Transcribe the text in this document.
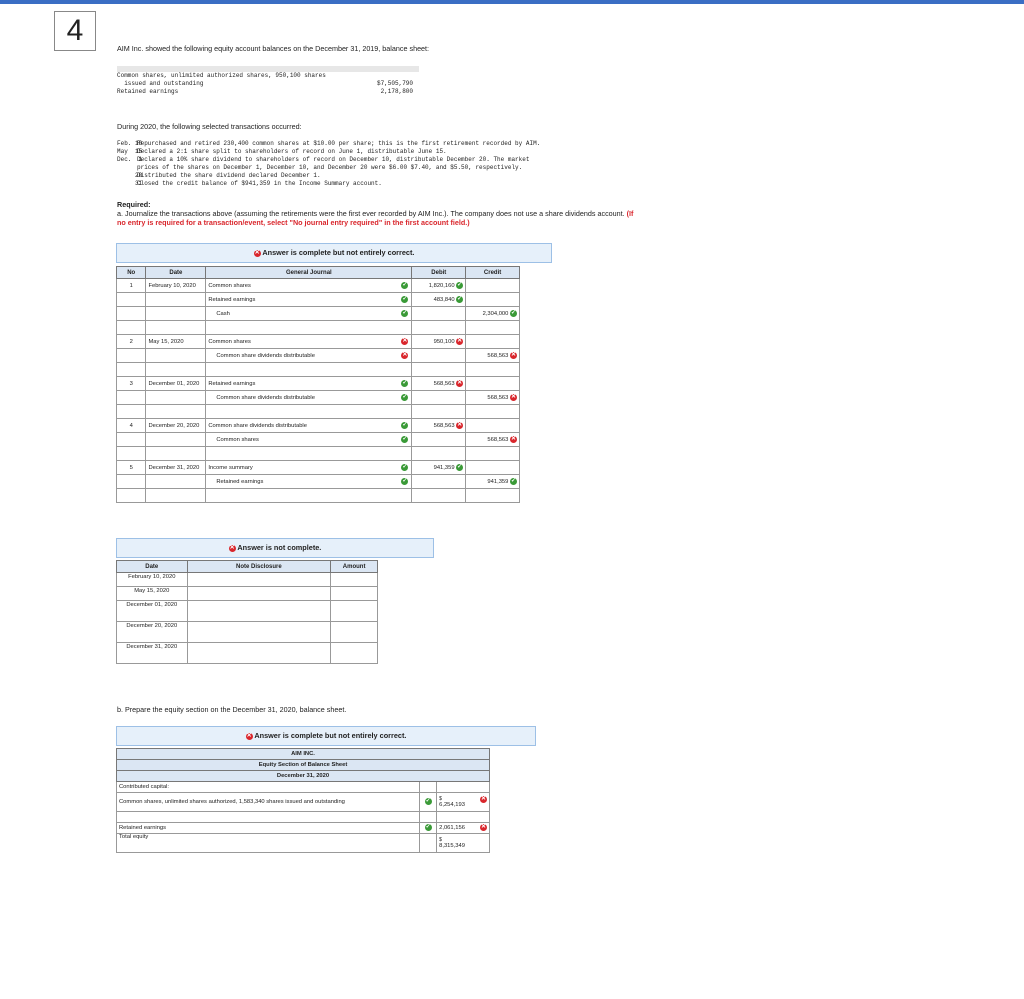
4
AIM Inc. showed the following equity account balances on the December 31, 2019, balance sheet:
Common shares, unlimited authorized shares, 950,100 shares
issued and outstanding	$7,505,790
Retained earnings	2,178,800
During 2020, the following selected transactions occurred:
Feb. 10
Repurchased and retired 230,400 common shares at $10.00 per share; this is the first retirement recorded by AIM.
May  15
Declared a 2:1 share split to shareholders of record on June 1, distributable June 15.
Dec.  1
Declared a 10% share dividend to shareholders of record on December 10, distributable December 20. The market
prices of the shares on December 1, December 10, and December 20 were $6.00 $7.40, and $5.50, respectively.
20
Distributed the share dividend declared December 1.
31
Closed the credit balance of $941,359 in the Income Summary account.
Required:
a. Journalize the transactions above (assuming the retirements were the first ever recorded by AIM Inc.). The company does not use a share dividends account. (If no entry is required for a transaction/event, select "No journal entry required" in the first account field.)
✕ Answer is complete but not entirely correct.
No	Date	General Journal	Debit	Credit
1	February 10, 2020	Common shares ✓	1,820,160 ✓	
		Retained earnings ✓	483,840 ✓	
		Cash ✓		2,304,000 ✓

2	May 15, 2020	Common shares ✕	950,100 ✕	
		Common share dividends distributable ✕		568,563 ✕

3	December 01, 2020	Retained earnings ✓	568,563 ✕	
		Common share dividends distributable ✓		568,563 ✕

4	December 20, 2020	Common share dividends distributable ✓	568,563 ✕	
		Common shares ✓		568,563 ✕

5	December 31, 2020	Income summary ✓	941,359 ✓	
		Retained earnings ✓		941,359 ✓

✕ Answer is not complete.
Date	Note Disclosure	Amount
February 10, 2020		
May 15, 2020		
December 01, 2020		
December 20, 2020		
December 31, 2020		
b. Prepare the equity section on the December 31, 2020, balance sheet.
✕ Answer is complete but not entirely correct.
AIM INC.		
Equity Section of Balance Sheet		
December 31, 2020		
Contributed capital:		
Common shares, unlimited shares authorized, 1,583,340 shares issued and outstanding	✓	$
6,254,193
✕

Retained earnings	✓	2,061,156 ✕

Total equity		$
8,315,349
